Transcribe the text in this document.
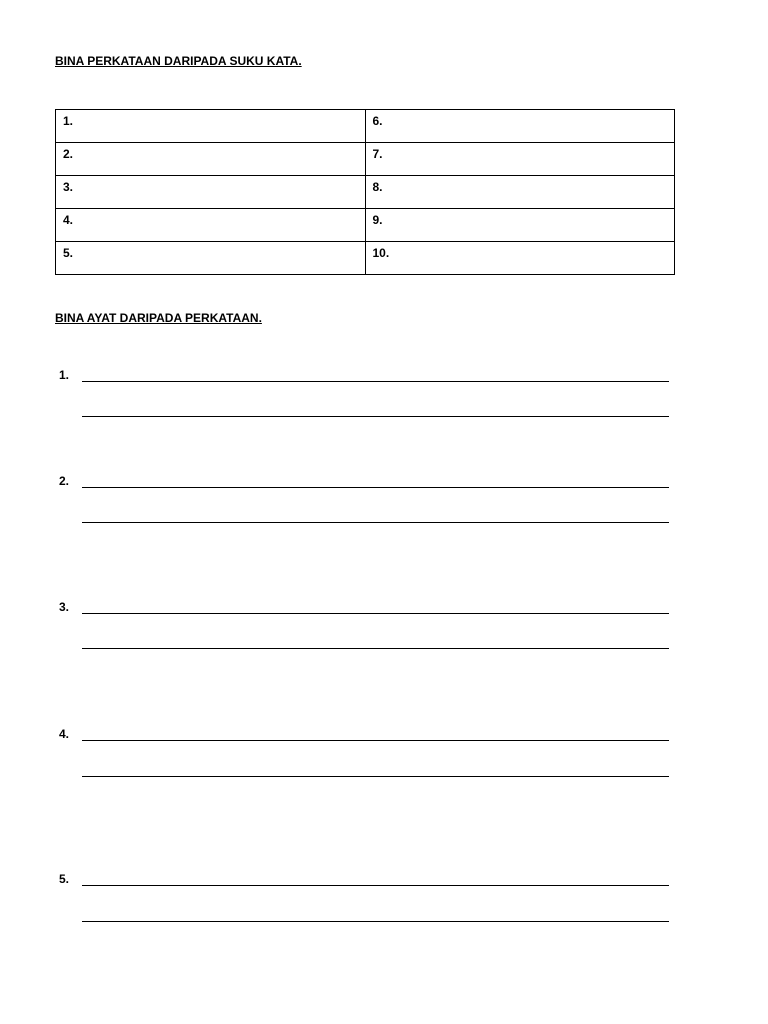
BINA PERKATAAN DARIPADA SUKU KATA.

1.	6.
2.	7.
3.	8.
4.	9.
5.	10.

BINA AYAT DARIPADA PERKATAAN.

1.
2.
3.
4.
5.
